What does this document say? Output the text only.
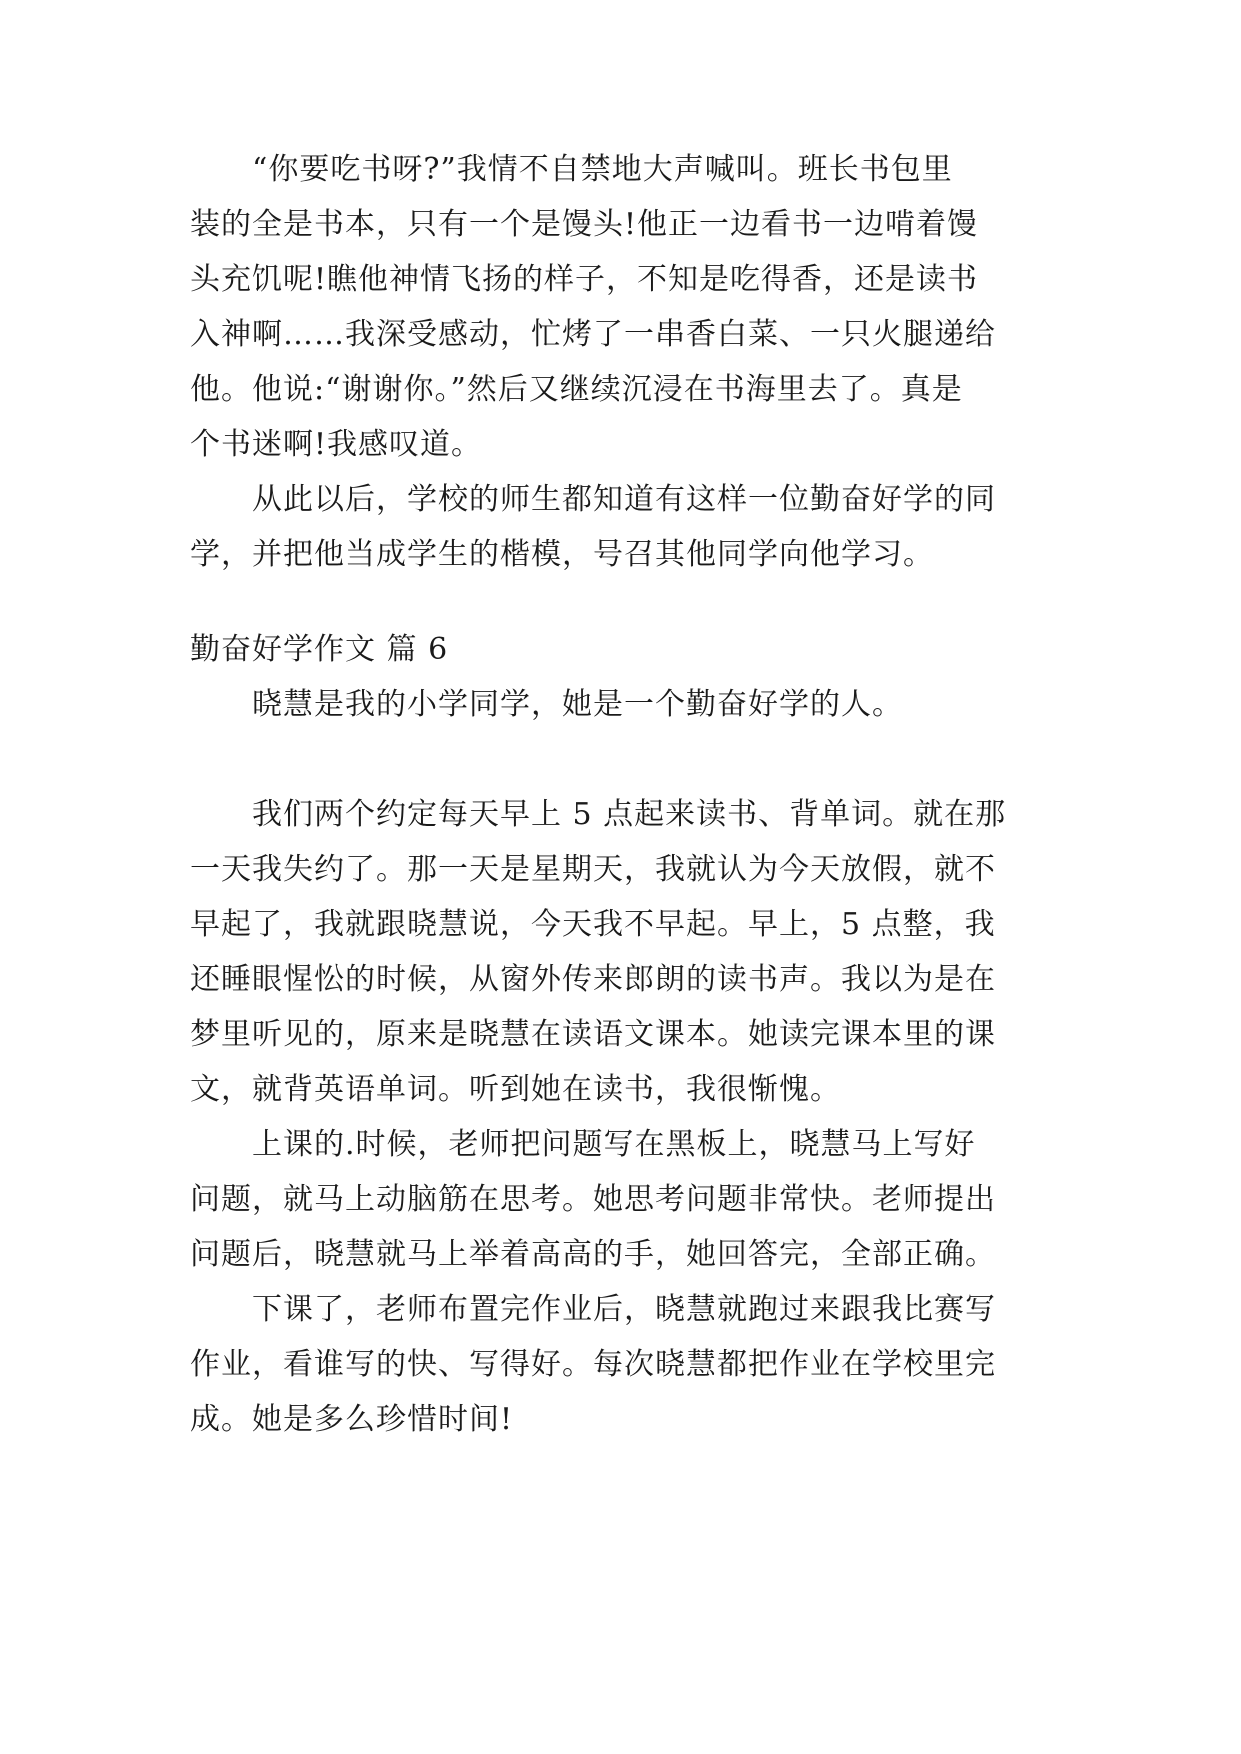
“你要吃书呀?”我情不自禁地大声喊叫。班长书包里
装的全是书本，只有一个是馒头!他正一边看书一边啃着馒
头充饥呢!瞧他神情飞扬的样子，不知是吃得香，还是读书
入神啊……我深受感动，忙烤了一串香白菜、一只火腿递给
他。他说:“谢谢你。”然后又继续沉浸在书海里去了。真是
个书迷啊!我感叹道。
从此以后，学校的师生都知道有这样一位勤奋好学的同
学，并把他当成学生的楷模，号召其他同学向他学习。
勤奋好学作文 篇 6
晓慧是我的小学同学，她是一个勤奋好学的人。
我们两个约定每天早上 5 点起来读书、背单词。就在那
一天我失约了。那一天是星期天，我就认为今天放假，就不
早起了，我就跟晓慧说，今天我不早起。早上，5 点整，我
还睡眼惺忪的时候，从窗外传来郎朗的读书声。我以为是在
梦里听见的，原来是晓慧在读语文课本。她读完课本里的课
文，就背英语单词。听到她在读书，我很惭愧。
上课的.时候，老师把问题写在黑板上，晓慧马上写好
问题，就马上动脑筋在思考。她思考问题非常快。老师提出
问题后，晓慧就马上举着高高的手，她回答完，全部正确。
下课了，老师布置完作业后，晓慧就跑过来跟我比赛写
作业，看谁写的快、写得好。每次晓慧都把作业在学校里完
成。她是多么珍惜时间!
